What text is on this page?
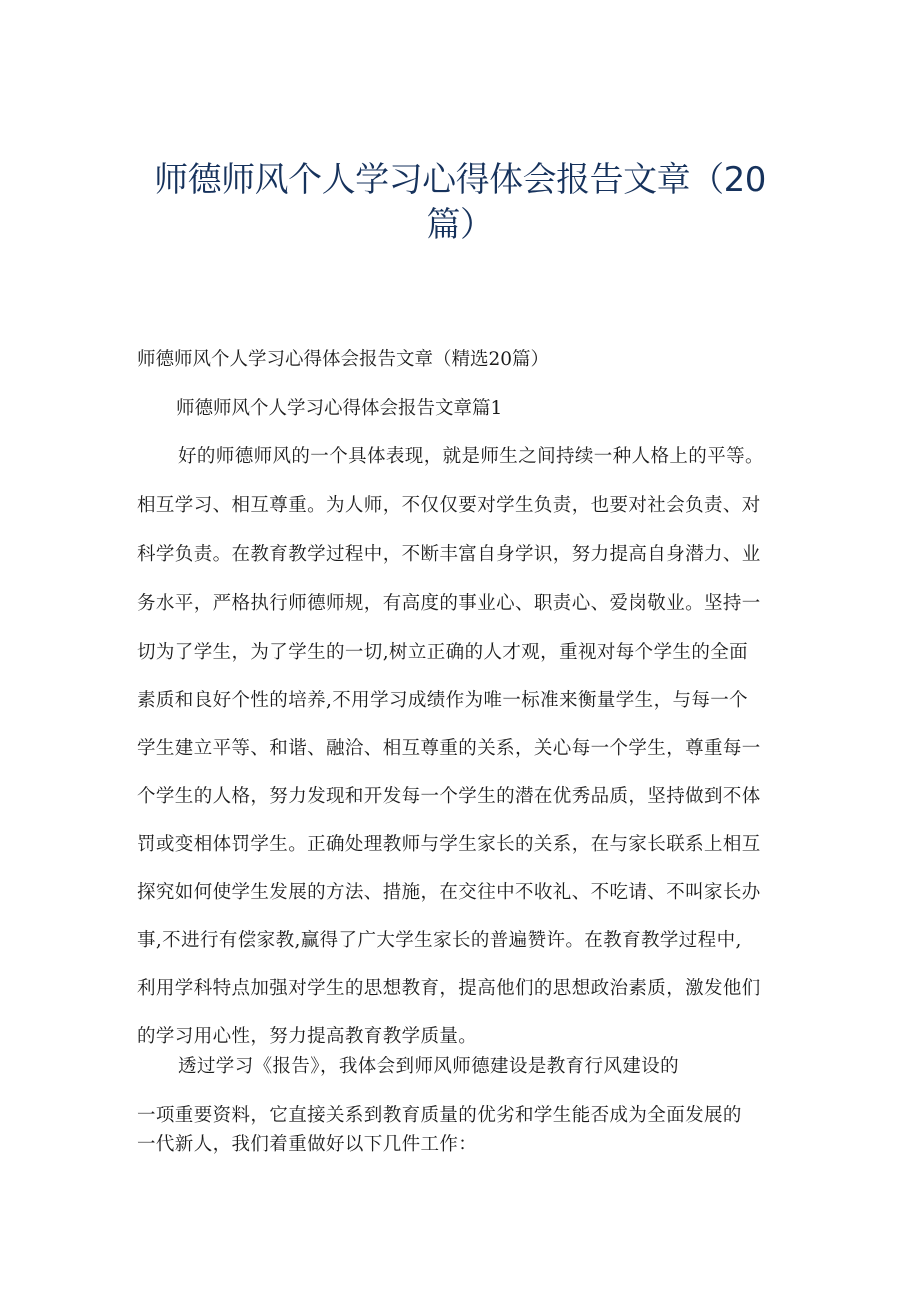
师德师风个人学习心得体会报告文章（20
篇）

师德师风个人学习心得体会报告文章（精选20篇）

师德师风个人学习心得体会报告文章篇1

好的师德师风的一个具体表现，就是师生之间持续一种人格上的平等。

相互学习、相互尊重。为人师，不仅仅要对学生负责，也要对社会负责、对

科学负责。在教育教学过程中，不断丰富自身学识，努力提高自身潜力、业

务水平，严格执行师德师规，有高度的事业心、职责心、爱岗敬业。坚持一

切为了学生，为了学生的一切,树立正确的人才观，重视对每个学生的全面

素质和良好个性的培养,不用学习成绩作为唯一标准来衡量学生，与每一个

学生建立平等、和谐、融洽、相互尊重的关系，关心每一个学生，尊重每一

个学生的人格，努力发现和开发每一个学生的潜在优秀品质，坚持做到不体

罚或变相体罚学生。正确处理教师与学生家长的关系，在与家长联系上相互

探究如何使学生发展的方法、措施，在交往中不收礼、不吃请、不叫家长办

事,不进行有偿家教,赢得了广大学生家长的普遍赞许。在教育教学过程中,

利用学科特点加强对学生的思想教育，提高他们的思想政治素质，激发他们

的学习用心性，努力提高教育教学质量。

透过学习《报告》，我体会到师风师德建设是教育行风建设的

一项重要资料，它直接关系到教育质量的优劣和学生能否成为全面发展的

一代新人，我们着重做好以下几件工作：
